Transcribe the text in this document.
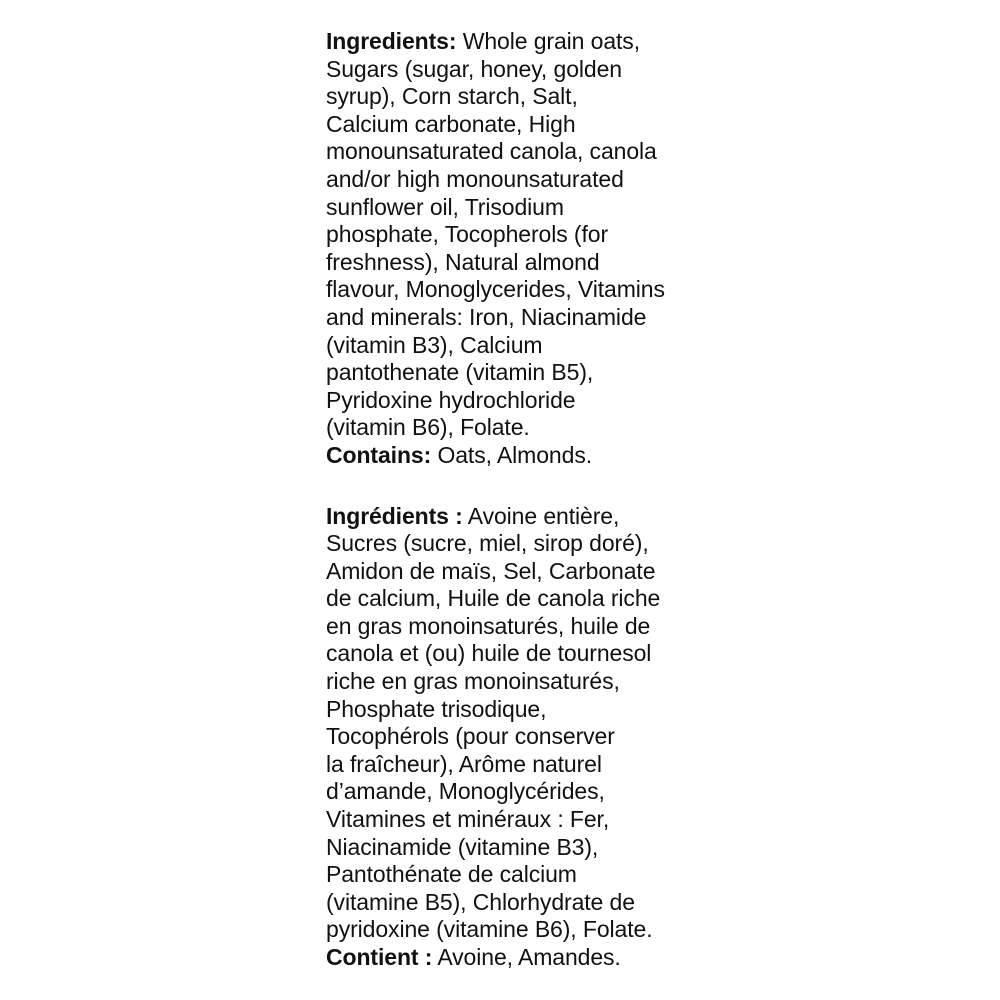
Ingredients: Whole grain oats,
Sugars (sugar, honey, golden
syrup), Corn starch, Salt,
Calcium carbonate, High
monounsaturated canola, canola
and/or high monounsaturated
sunflower oil, Trisodium
phosphate, Tocopherols (for
freshness), Natural almond
flavour, Monoglycerides, Vitamins
and minerals: Iron, Niacinamide
(vitamin B3), Calcium
pantothenate (vitamin B5),
Pyridoxine hydrochloride
(vitamin B6), Folate.
Contains: Oats, Almonds.
Ingrédients : Avoine entière,
Sucres (sucre, miel, sirop doré),
Amidon de maïs, Sel, Carbonate
de calcium, Huile de canola riche
en gras monoinsaturés, huile de
canola et (ou) huile de tournesol
riche en gras monoinsaturés,
Phosphate trisodique,
Tocophérols (pour conserver
la fraîcheur), Arôme naturel
d’amande, Monoglycérides,
Vitamines et minéraux : Fer,
Niacinamide (vitamine B3),
Pantothénate de calcium
(vitamine B5), Chlorhydrate de
pyridoxine (vitamine B6), Folate.
Contient : Avoine, Amandes.
